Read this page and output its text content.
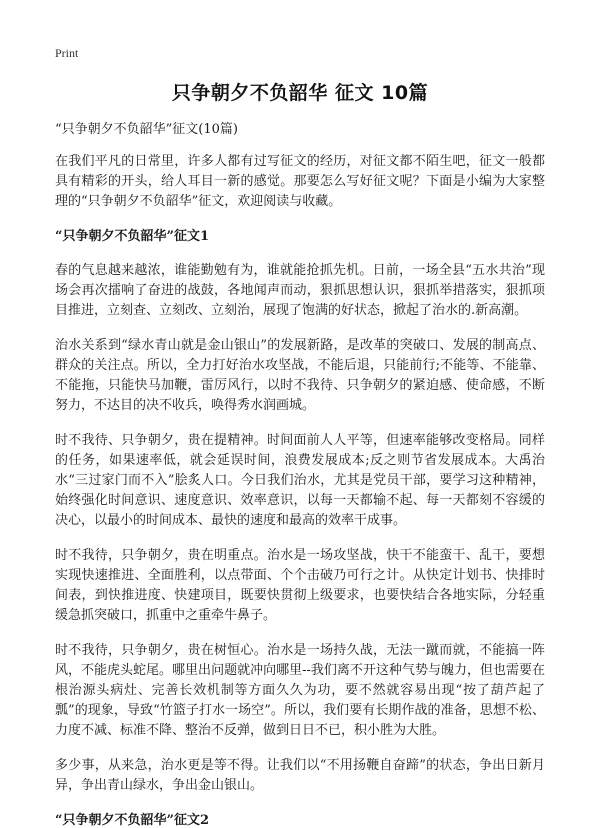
Print
只争朝夕不负韶华 征文 10篇

“只争朝夕不负韶华”征文(10篇)

在我们平凡的日常里，许多人都有过写征文的经历，对征文都不陌生吧，征文一般都具有精彩的开头，给人耳目一新的感觉。那要怎么写好征文呢？下面是小编为大家整理的“只争朝夕不负韶华”征文，欢迎阅读与收藏。

“只争朝夕不负韶华”征文1

春的气息越来越浓，谁能勤勉有为，谁就能抢抓先机。日前，一场全县“五水共治”现场会再次擂响了奋进的战鼓，各地闻声而动，狠抓思想认识，狠抓举措落实，狠抓项目推进，立刻查、立刻改、立刻治，展现了饱满的好状态，掀起了治水的.新高潮。

治水关系到“绿水青山就是金山银山”的发展新路，是改革的突破口、发展的制高点、群众的关注点。所以，全力打好治水攻坚战，不能后退，只能前行;不能等、不能靠、不能拖，只能快马加鞭，雷厉风行，以时不我待、只争朝夕的紧迫感、使命感，不断努力，不达目的决不收兵，唤得秀水润画城。

时不我待、只争朝夕，贵在提精神。时间面前人人平等，但速率能够改变格局。同样的任务，如果速率低，就会延误时间，浪费发展成本;反之则节省发展成本。大禹治水“三过家门而不入”脍炙人口。今日我们治水，尤其是党员干部，要学习这种精神，始终强化时间意识、速度意识、效率意识，以每一天都输不起、每一天都刻不容缓的决心，以最小的时间成本、最快的速度和最高的效率干成事。

时不我待，只争朝夕，贵在明重点。治水是一场攻坚战，快干不能蛮干、乱干，要想实现快速推进、全面胜利，以点带面、个个击破乃可行之计。从快定计划书、快排时间表，到快推进度、快建项目，既要快贯彻上级要求，也要快结合各地实际，分轻重缓急抓突破口，抓重中之重牵牛鼻子。

时不我待，只争朝夕，贵在树恒心。治水是一场持久战，无法一蹴而就，不能搞一阵风，不能虎头蛇尾。哪里出问题就冲向哪里--我们离不开这种气势与魄力，但也需要在根治源头病灶、完善长效机制等方面久久为功，要不然就容易出现“按了葫芦起了瓢”的现象，导致“竹篮子打水一场空”。所以，我们要有长期作战的准备，思想不松、力度不减、标准不降、整治不反弹，做到日日不已，积小胜为大胜。

多少事，从来急，治水更是等不得。让我们以“不用扬鞭自奋蹄”的状态，争出日新月异，争出青山绿水，争出金山银山。

“只争朝夕不负韶华”征文2
